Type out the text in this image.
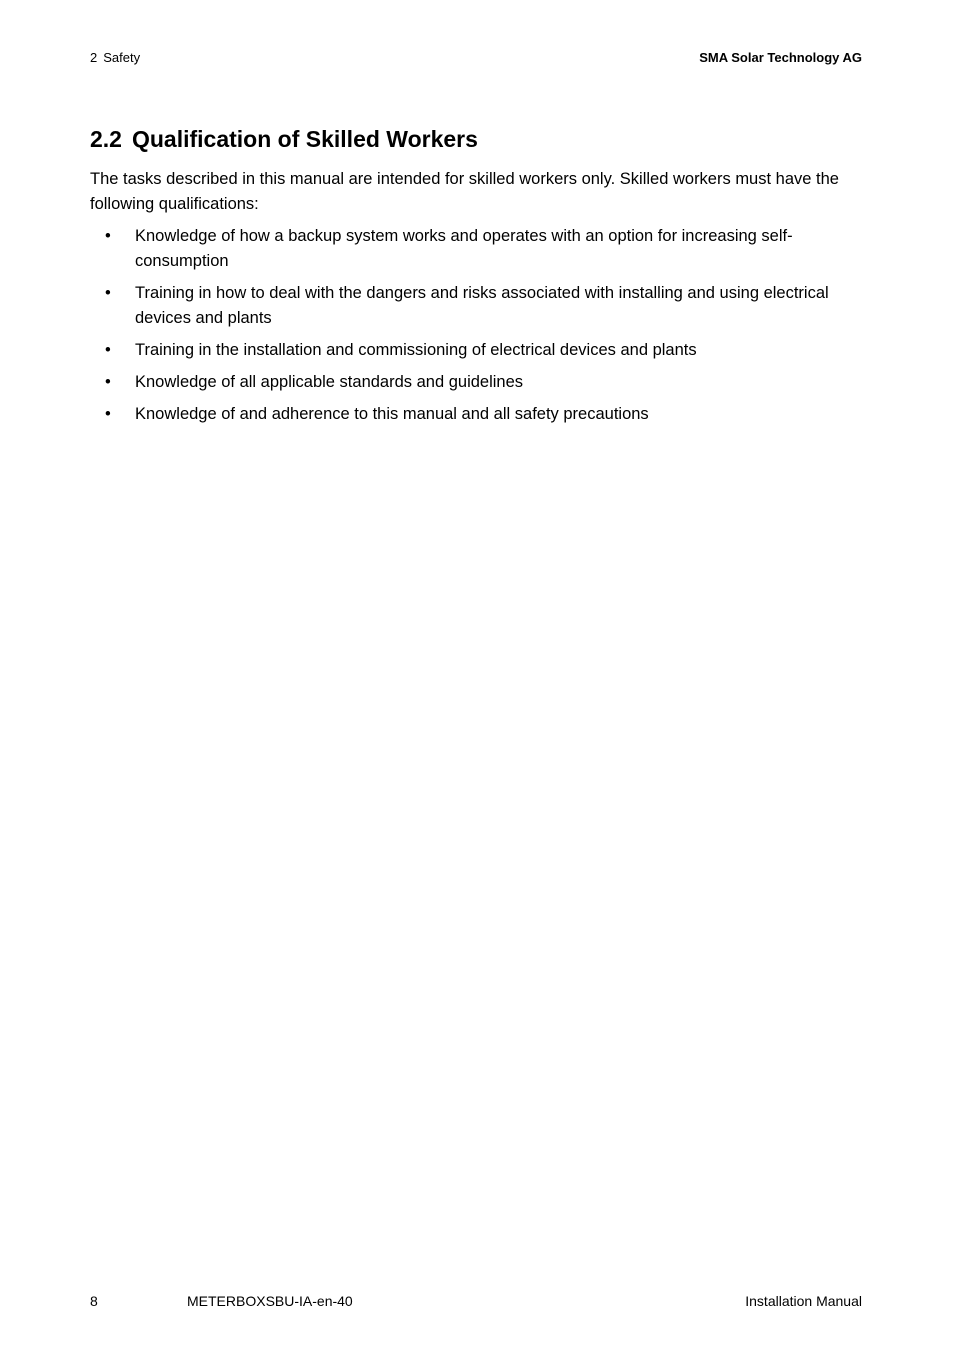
2 Safety	SMA Solar Technology AG
2.2 Qualification of Skilled Workers

The tasks described in this manual are intended for skilled workers only. Skilled workers must have the following qualifications:

• Knowledge of how a backup system works and operates with an option for increasing self-consumption
• Training in how to deal with the dangers and risks associated with installing and using electrical devices and plants
• Training in the installation and commissioning of electrical devices and plants
• Knowledge of all applicable standards and guidelines
• Knowledge of and adherence to this manual and all safety precautions
8	METERBOXSBU-IA-en-40	Installation Manual
